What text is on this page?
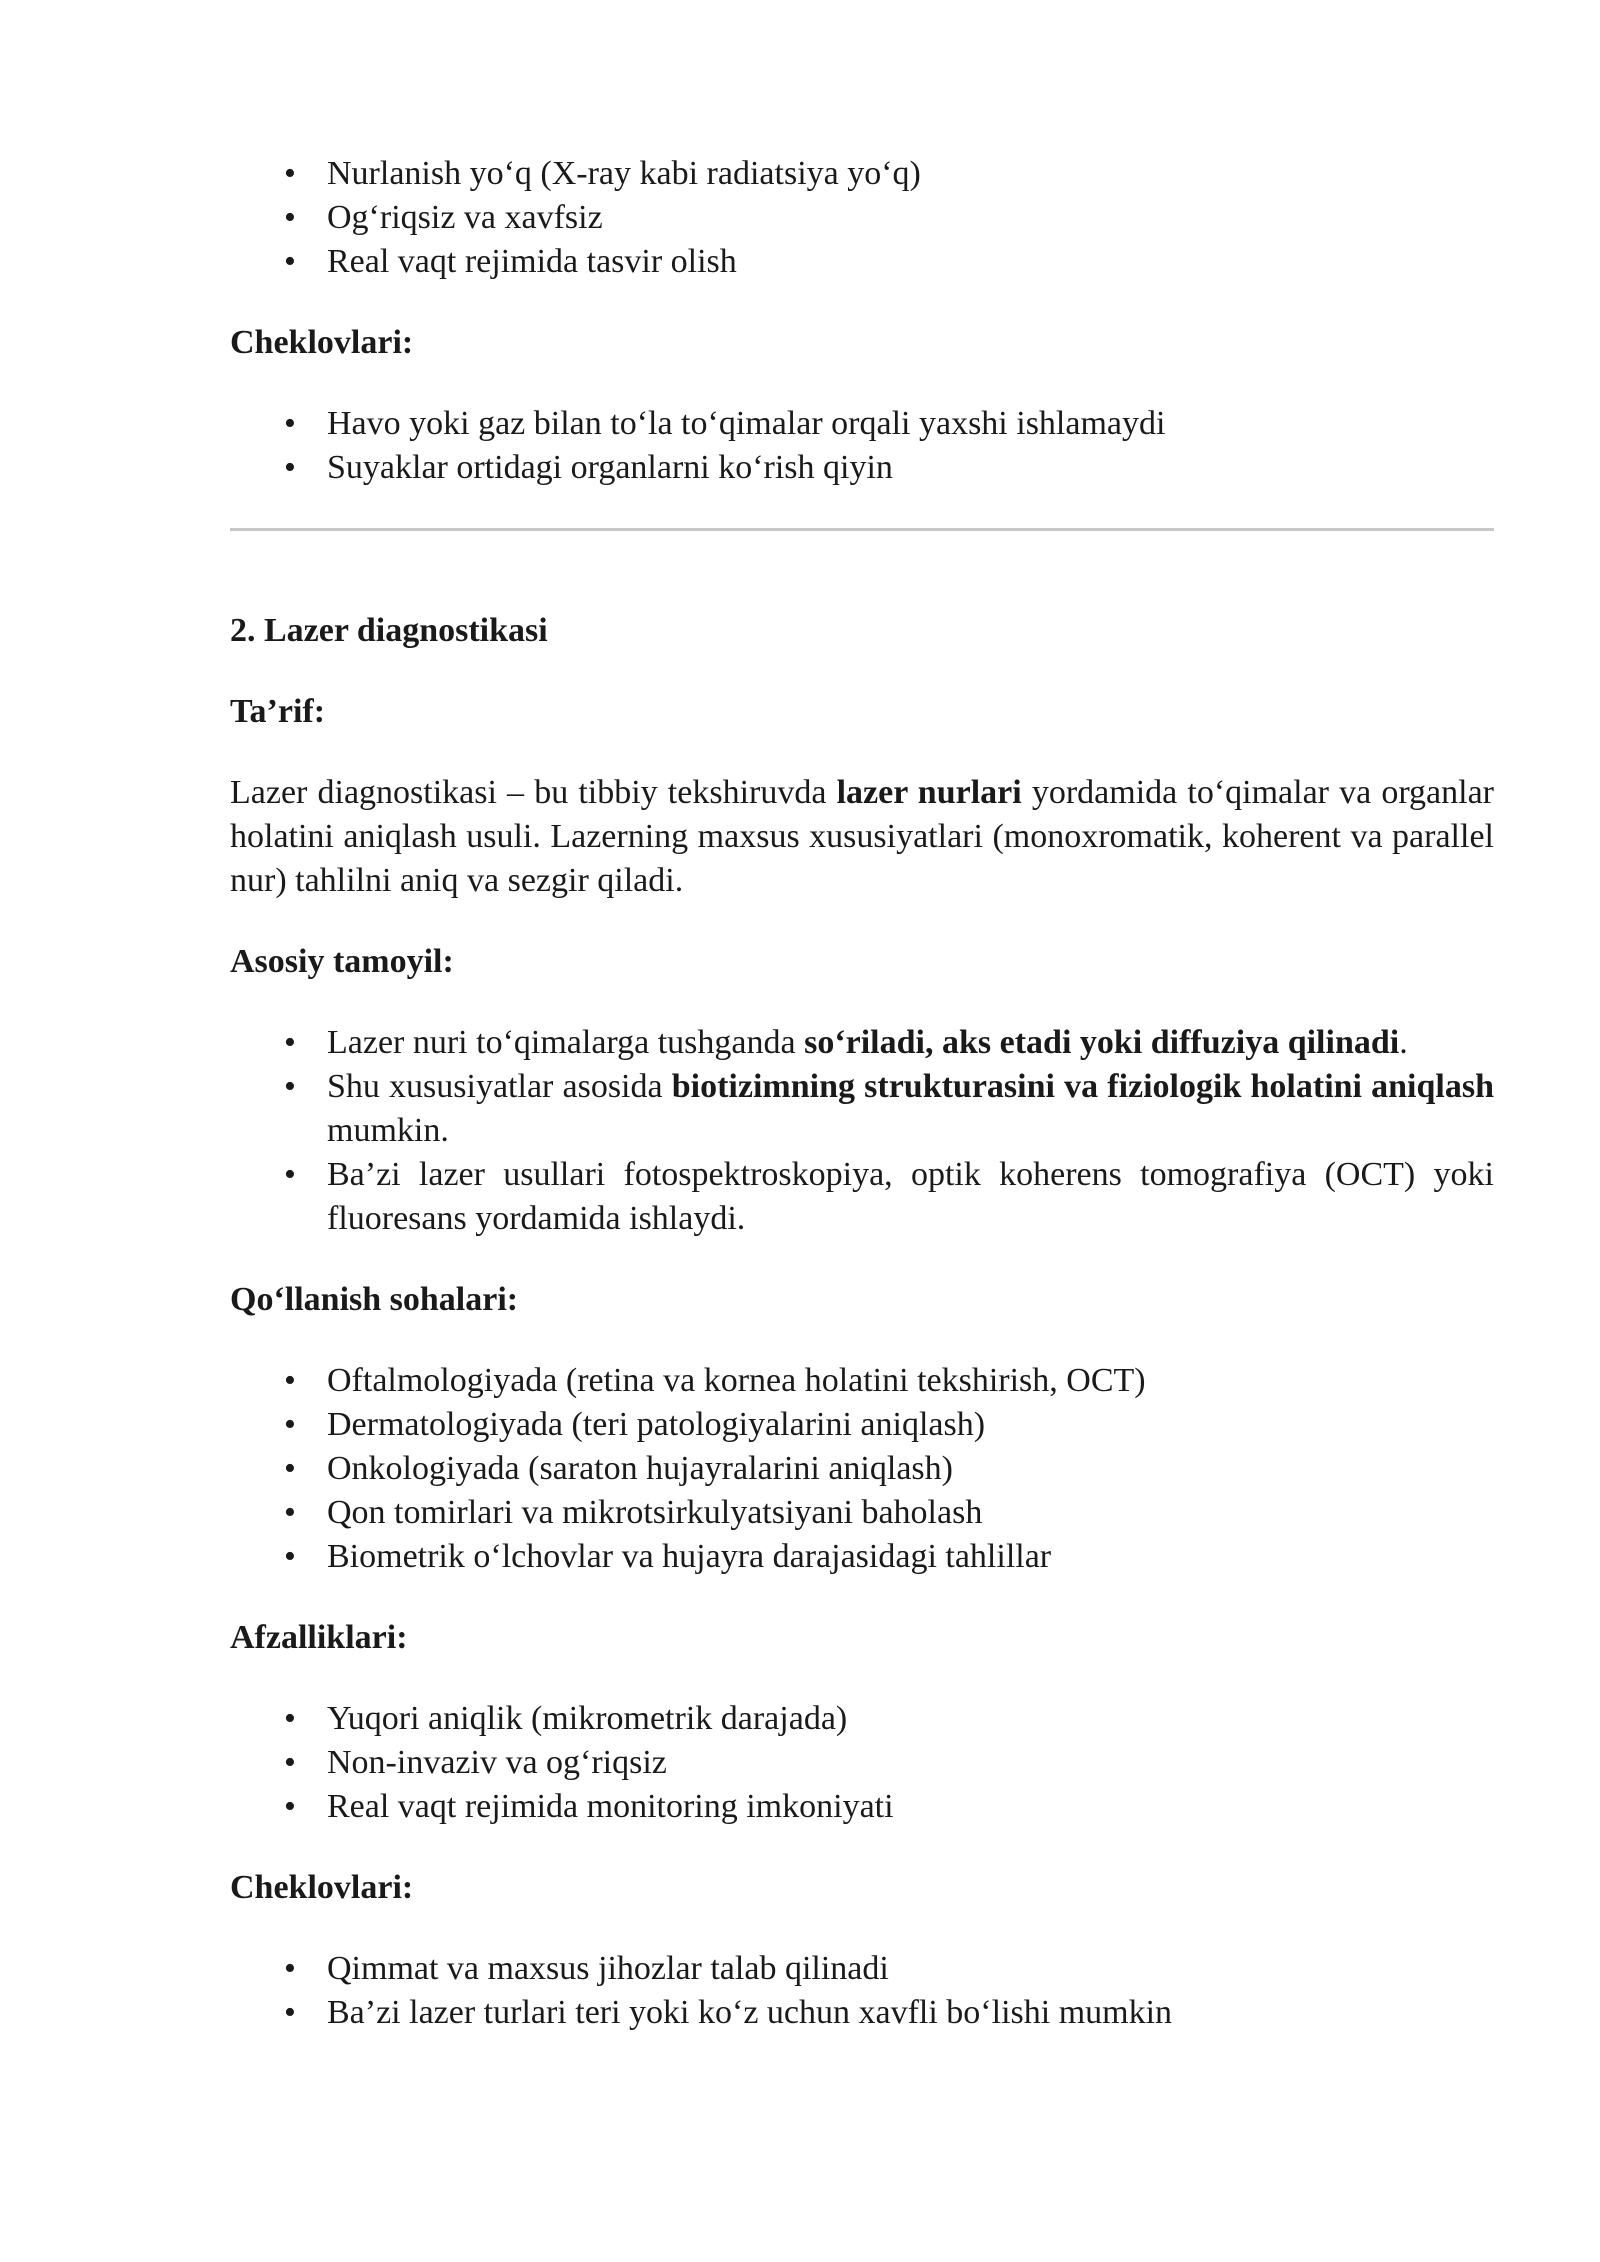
• Nurlanish yo‘q (X-ray kabi radiatsiya yo‘q)
• Og‘riqsiz va xavfsiz
• Real vaqt rejimida tasvir olish

Cheklovlari:

• Havo yoki gaz bilan to‘la to‘qimalar orqali yaxshi ishlamaydi
• Suyaklar ortidagi organlarni ko‘rish qiyin

2. Lazer diagnostikasi

Ta’rif:

Lazer diagnostikasi – bu tibbiy tekshiruvda lazer nurlari yordamida to‘qimalar va organlar holatini aniqlash usuli. Lazerning maxsus xususiyatlari (monoxromatik, koherent va parallel nur) tahlilni aniq va sezgir qiladi.

Asosiy tamoyil:

• Lazer nuri to‘qimalarga tushganda so‘riladi, aks etadi yoki diffuziya qilinadi.
• Shu xususiyatlar asosida biotizimning strukturasini va fiziologik holatini aniqlash mumkin.
• Ba’zi lazer usullari fotospektroskopiya, optik koherens tomografiya (OCT) yoki fluoresans yordamida ishlaydi.

Qo‘llanish sohalari:

• Oftalmologiyada (retina va kornea holatini tekshirish, OCT)
• Dermatologiyada (teri patologiyalarini aniqlash)
• Onkologiyada (saraton hujayralarini aniqlash)
• Qon tomirlari va mikrotsirkulyatsiyani baholash
• Biometrik o‘lchovlar va hujayra darajasidagi tahlillar

Afzalliklari:

• Yuqori aniqlik (mikrometrik darajada)
• Non-invaziv va og‘riqsiz
• Real vaqt rejimida monitoring imkoniyati

Cheklovlari:

• Qimmat va maxsus jihozlar talab qilinadi
• Ba’zi lazer turlari teri yoki ko‘z uchun xavfli bo‘lishi mumkin
